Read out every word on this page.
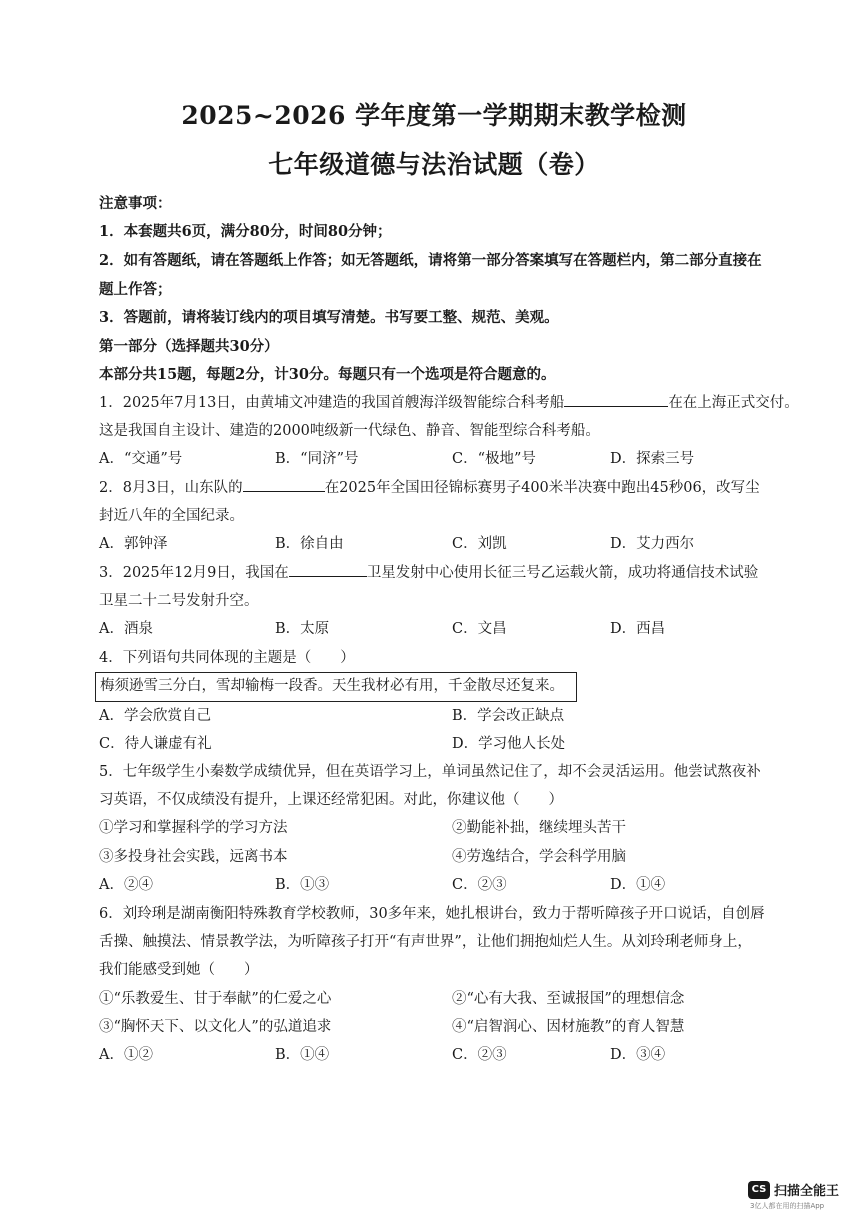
2025~2026 学年度第一学期期末教学检测
七年级道德与法治试题（卷）
注意事项：
1．本套题共6页，满分80分，时间80分钟；
2．如有答题纸，请在答题纸上作答；如无答题纸，请将第一部分答案填写在答题栏内，第二部分直接在
题上作答；
3．答题前，请将装订线内的项目填写清楚。书写要工整、规范、美观。
第一部分（选择题共30分）
本部分共15题，每题2分，计30分。每题只有一个选项是符合题意的。
1．2025年7月13日，由黄埔文冲建造的我国首艘海洋级智能综合科考船	在在上海正式交付。
这是我国自主设计、建造的2000吨级新一代绿色、静音、智能型综合科考船。
A．“交通”号	B．“同济”号	C．“极地”号	D．探索三号
2．8月3日，山东队的	在2025年全国田径锦标赛男子400米半决赛中跑出45秒06，改写尘
封近八年的全国纪录。
A．郭钟泽	B．徐自由	C．刘凯	D．艾力西尔
3．2025年12月9日，我国在	卫星发射中心使用长征三号乙运载火箭，成功将通信技术试验
卫星二十二号发射升空。
A．酒泉	B．太原	C．文昌	D．西昌
4．下列语句共同体现的主题是（　　）
梅须逊雪三分白，雪却输梅一段香。天生我材必有用，千金散尽还复来。
A．学会欣赏自己	B．学会改正缺点
C．待人谦虚有礼	D．学习他人长处
5．七年级学生小秦数学成绩优异，但在英语学习上，单词虽然记住了，却不会灵活运用。他尝试熬夜补
习英语，不仅成绩没有提升，上课还经常犯困。对此，你建议他（　　）
①学习和掌握科学的学习方法	②勤能补拙，继续埋头苦干
③多投身社会实践，远离书本	④劳逸结合，学会科学用脑
A．②④	B．①③	C．②③	D．①④
6．刘玲琍是湖南衡阳特殊教育学校教师，30多年来，她扎根讲台，致力于帮听障孩子开口说话，自创唇
舌操、触摸法、情景教学法，为听障孩子打开“有声世界”，让他们拥抱灿烂人生。从刘玲琍老师身上，
我们能感受到她（　　）
①“乐教爱生、甘于奉献”的仁爱之心	②“心有大我、至诚报国”的理想信念
③“胸怀天下、以文化人”的弘道追求	④“启智润心、因材施教”的育人智慧
A．①②	B．①④	C．②③	D．③④
CS 扫描全能王
3亿人都在用的扫描App
